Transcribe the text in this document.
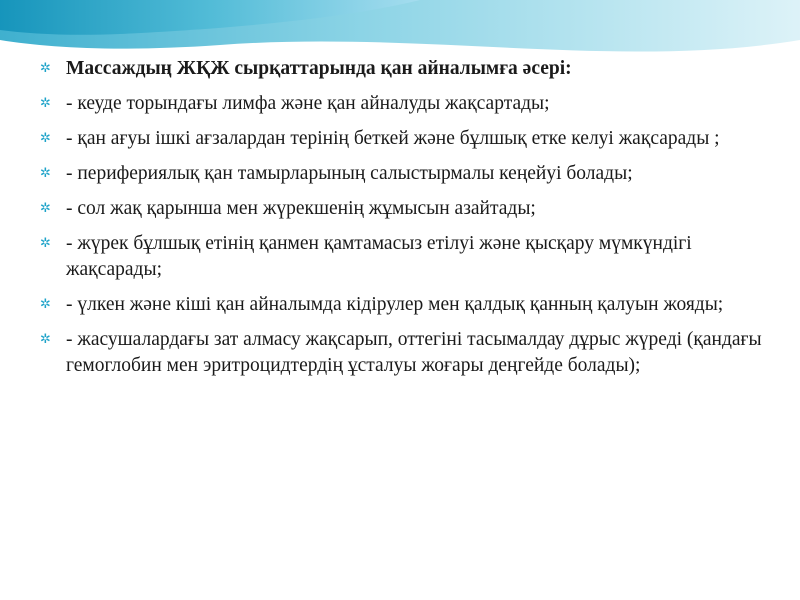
✲ Массаждың ЖҚЖ сырқаттарында қан айналымға әсері:
✲ - кеуде торындағы лимфа және қан айналуды жақсартады;
✲ - қан ағуы ішкі ағзалардан терінің беткей және бұлшық етке келуі жақсарады ;
✲ - перифериялық қан тамырларының салыстырмалы кеңейуі болады;
✲ - сол жақ қарынша мен жүрекшенің жұмысын азайтады;
✲ - жүрек бұлшық етінің қанмен қамтамасыз етілуі және қысқару мүмкүндігі жақсарады;
✲ - үлкен және кіші қан айналымда кідірулер мен қалдық қанның қалуын жояды;
✲ - жасушалардағы зат алмасу жақсарып, оттегіні тасымалдау дұрыс жүреді (қандағы гемоглобин мен эритроцидтердің ұсталуы жоғары деңгейде болады);
